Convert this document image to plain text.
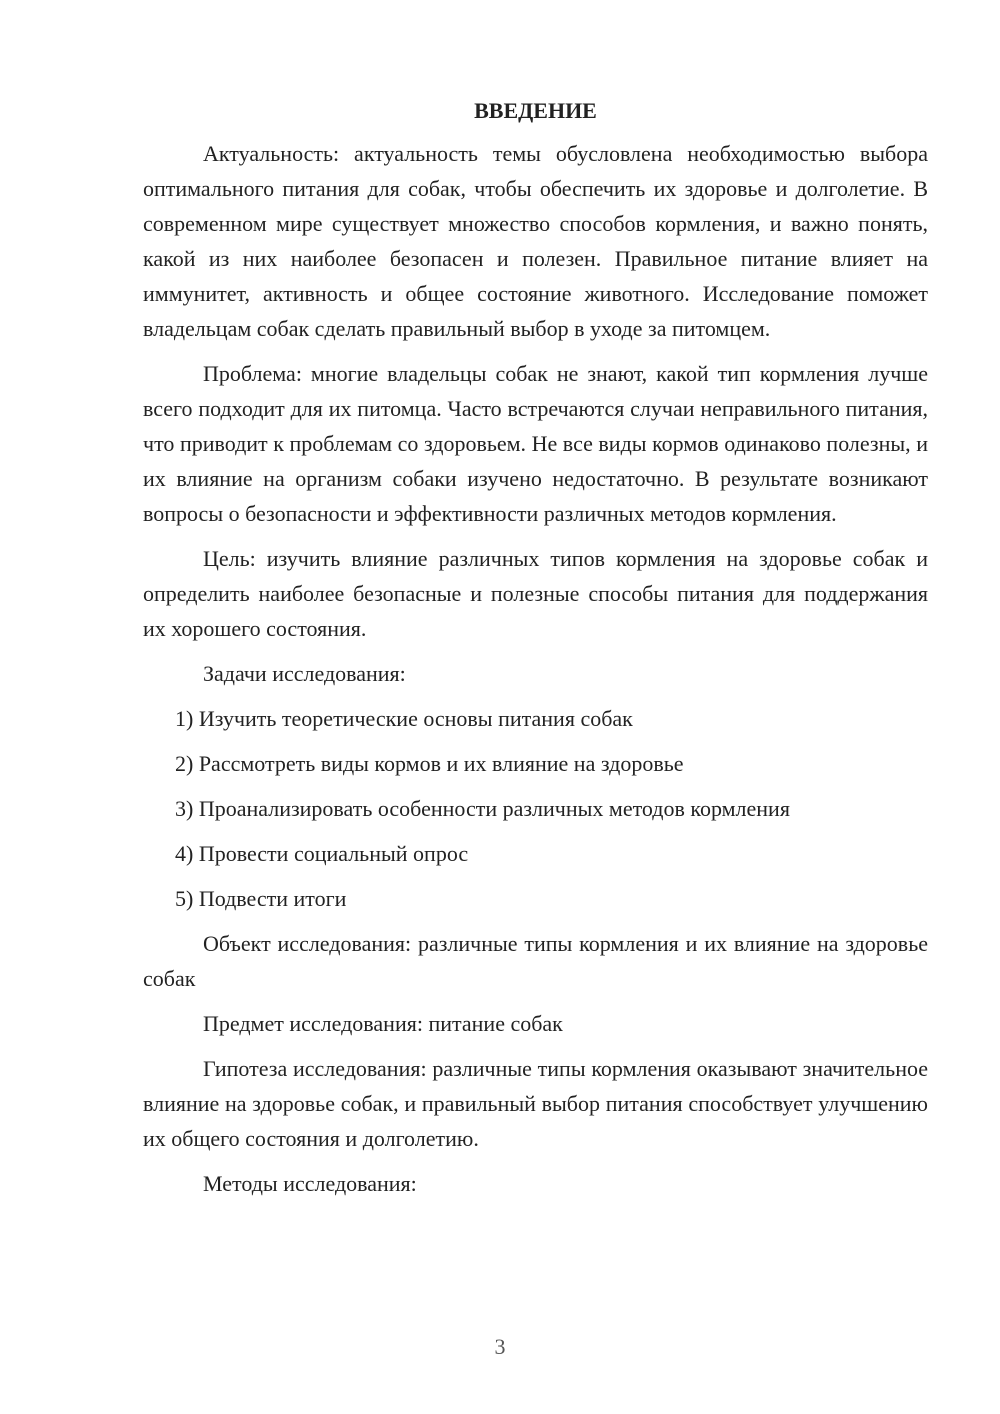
ВВЕДЕНИЕ

Актуальность: актуальность темы обусловлена необходимостью выбора оптимального питания для собак, чтобы обеспечить их здоровье и долголетие. В современном мире существует множество способов кормления, и важно понять, какой из них наиболее безопасен и полезен. Правильное питание влияет на иммунитет, активность и общее состояние животного. Исследование поможет владельцам собак сделать правильный выбор в уходе за питомцем.

Проблема: многие владельцы собак не знают, какой тип кормления лучше всего подходит для их питомца. Часто встречаются случаи неправильного питания, что приводит к проблемам со здоровьем. Не все виды кормов одинаково полезны, и их влияние на организм собаки изучено недостаточно. В результате возникают вопросы о безопасности и эффективности различных методов кормления.

Цель: изучить влияние различных типов кормления на здоровье собак и определить наиболее безопасные и полезные способы питания для поддержания их хорошего состояния.

Задачи исследования:

1) Изучить теоретические основы питания собак
2) Рассмотреть виды кормов и их влияние на здоровье
3) Проанализировать особенности различных методов кормления
4) Провести социальный опрос
5) Подвести итоги

Объект исследования: различные типы кормления и их влияние на здоровье собак

Предмет исследования: питание собак

Гипотеза исследования: различные типы кормления оказывают значительное влияние на здоровье собак, и правильный выбор питания способствует улучшению их общего состояния и долголетию.

Методы исследования:

3
